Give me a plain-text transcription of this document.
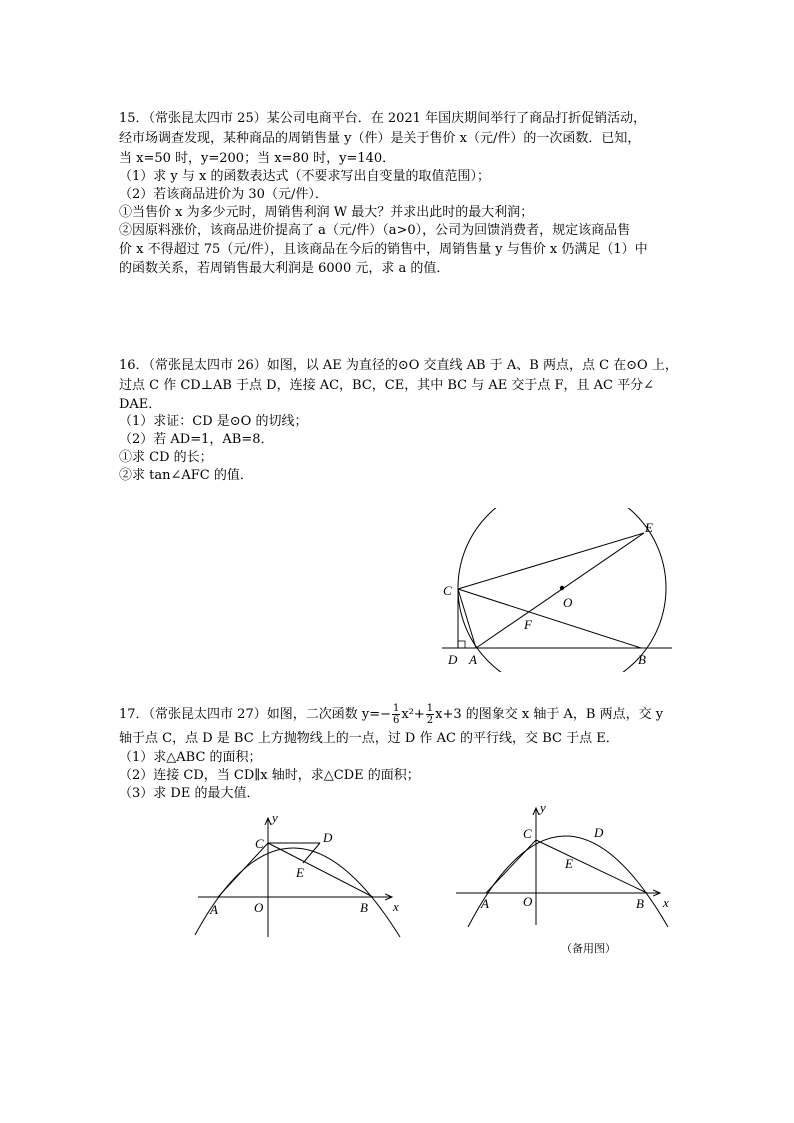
15．（常张昆太四市 25）某公司电商平台．在 2021 年国庆期间举行了商品打折促销活动，
经市场调查发现，某种商品的周销售量 y（件）是关于售价 x（元/件）的一次函数．已知，
当 x=50 时，y=200；当 x=80 时，y=140．
（1）求 y 与 x 的函数表达式（不要求写出自变量的取值范围）；
（2）若该商品进价为 30（元/件）．
①当售价 x 为多少元时，周销售利润 W 最大？并求出此时的最大利润；
②因原料涨价，该商品进价提高了 a（元/件）（a>0），公司为回馈消费者，规定该商品售
价 x 不得超过 75（元/件），且该商品在今后的销售中，周销售量 y 与售价 x 仍满足（1）中
的函数关系，若周销售最大利润是 6000 元，求 a 的值．
16．（常张昆太四市 26）如图，以 AE 为直径的⊙O 交直线 AB 于 A、B 两点，点 C 在⊙O 上，
过点 C 作 CD⊥AB 于点 D，连接 AC，BC，CE，其中 BC 与 AE 交于点 F，且 AC 平分∠
DAE．
（1）求证：CD 是⊙O 的切线；
（2）若 AD=1，AB=8．
①求 CD 的长；
②求 tan∠AFC 的值．
E
C
O
F
D A	B
17．（常张昆太四市 27）如图，二次函数 $y=- \frac{1}{6} x^2+ \frac{1}{2} x+3$ 的图象交 x 轴于 A，B 两点，交 y
轴于点 C，点 D 是 BC 上方抛物线上的一点，过 D 作 AC 的平行线，交 BC 于点 E．
（1）求△ABC 的面积；
（2）连接 CD，当 CD∥x 轴时，求△CDE 的面积；
（3）求 DE 的最大值．
y
C	D
E
A	O	B x
y
C	D
E
A	O	B x
（备用图）
